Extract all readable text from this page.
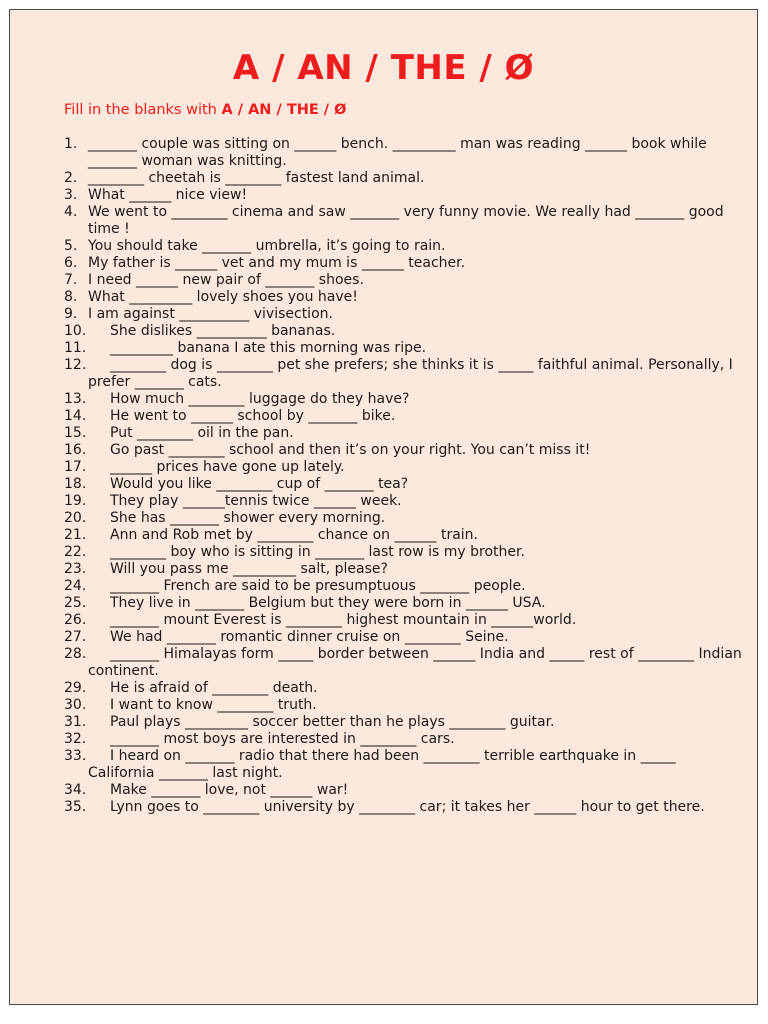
A / AN / THE / Ø
Fill in the blanks with A / AN / THE / Ø
1. _______ couple was sitting on ______ bench. _________ man was reading ______ book while _______ woman was knitting.
2. ________ cheetah is ________ fastest land animal.
3. What ______ nice view!
4. We went to ________ cinema and saw _______ very funny movie. We really had _______ good time !
5. You should take _______ umbrella, it’s going to rain.
6. My father is ______ vet and my mum is ______ teacher.
7. I need ______ new pair of _______ shoes.
8. What _________ lovely shoes you have!
9. I am against __________ vivisection.
10. She dislikes __________ bananas.
11. _________ banana I ate this morning was ripe.
12. ________ dog is ________ pet she prefers; she thinks it is _____ faithful animal. Personally, I prefer _______ cats.
13. How much ________ luggage do they have?
14. He went to ______ school by _______ bike.
15. Put ________ oil in the pan.
16. Go past ________ school and then it’s on your right. You can’t miss it!
17. ______ prices have gone up lately.
18. Would you like ________ cup of _______ tea?
19. They play ______tennis twice ______ week.
20. She has _______ shower every morning.
21. Ann and Rob met by ________ chance on ______ train.
22. ________ boy who is sitting in _______ last row is my brother.
23. Will you pass me _________ salt, please?
24. _______ French are said to be presumptuous _______ people.
25. They live in _______ Belgium but they were born in ______ USA.
26. _______ mount Everest is ________ highest mountain in ______world.
27. We had _______ romantic dinner cruise on ________ Seine.
28. _______ Himalayas form _____ border between ______ India and _____ rest of ________ Indian continent.
29. He is afraid of ________ death.
30. I want to know ________ truth.
31. Paul plays _________ soccer better than he plays ________ guitar.
32. _______ most boys are interested in ________ cars.
33. I heard on _______ radio that there had been ________ terrible earthquake in _____ California _______ last night.
34. Make _______ love, not ______ war!
35. Lynn goes to ________ university by ________ car; it takes her ______ hour to get there.
